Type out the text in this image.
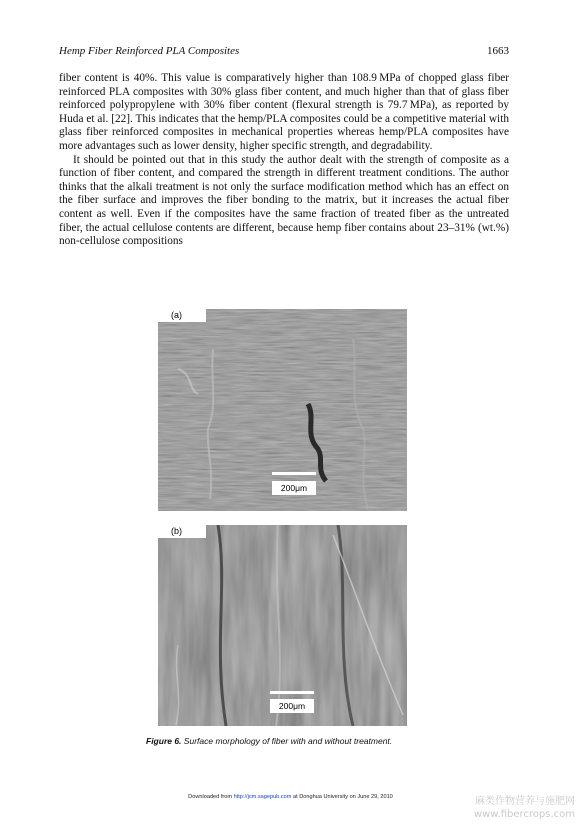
Hemp Fiber Reinforced PLA Composites	1663

fiber content is 40%. This value is comparatively higher than 108.9 MPa of chopped glass fiber reinforced PLA composites with 30% glass fiber content, and much higher than that of glass fiber reinforced polypropylene with 30% fiber content (flexural strength is 79.7 MPa), as reported by Huda et al. [22]. This indicates that the hemp/PLA composites could be a competitive material with glass fiber reinforced composites in mechanical properties whereas hemp/PLA composites have more advantages such as lower density, higher specific strength, and degradability.

It should be pointed out that in this study the author dealt with the strength of composite as a function of fiber content, and compared the strength in different treatment conditions. The author thinks that the alkali treatment is not only the surface modification method which has an effect on the fiber surface and improves the fiber bonding to the matrix, but it increases the actual fiber content as well. Even if the composites have the same fraction of treated fiber as the untreated fiber, the actual cellulose contents are different, because hemp fiber contains about 23–31% (wt.%) non-cellulose compositions

(a)
200μm
(b)
200μm
Figure 6. Surface morphology of fiber with and without treatment.
Downloaded from http://jcm.sagepub.com at Donghua University on June 29, 2010	麻类作物营养与施肥网
www.fibercrops.com
